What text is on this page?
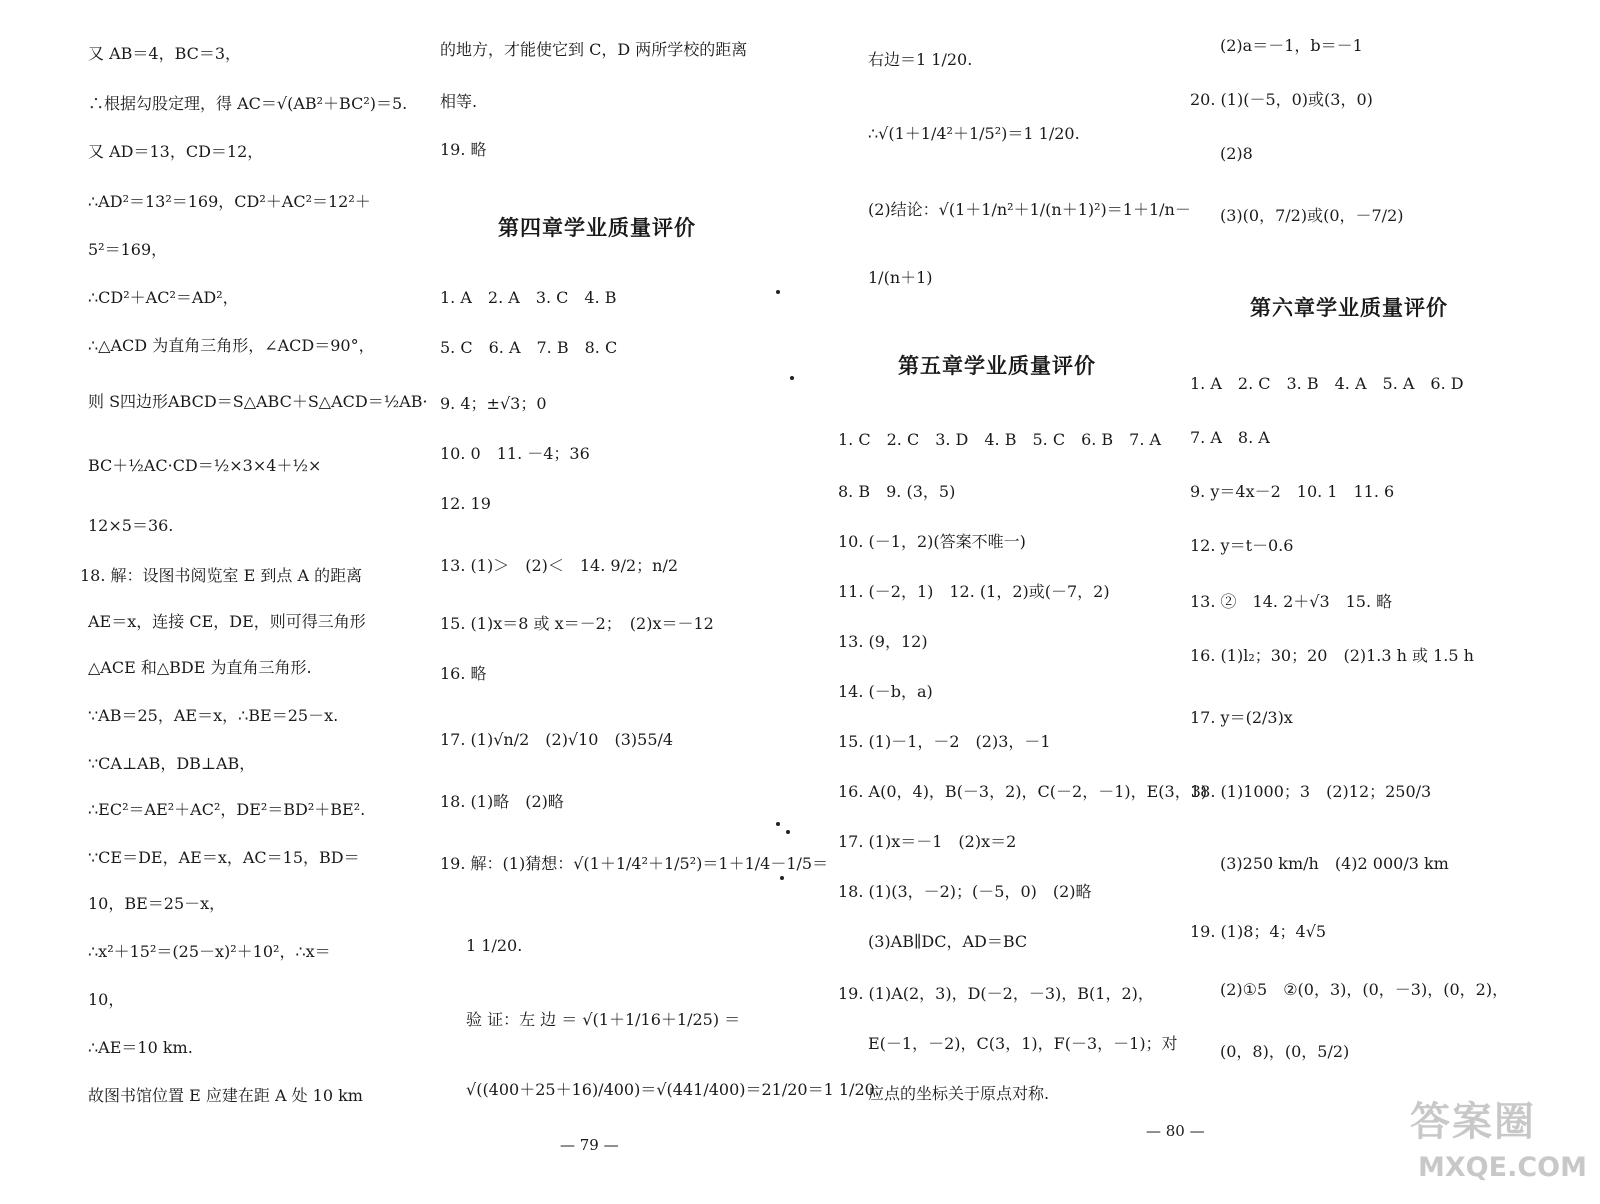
又 AB＝4，BC＝3，
∴根据勾股定理，得 AC＝√(AB²＋BC²)＝5.
又 AD＝13，CD＝12，
∴AD²＝13²＝169，CD²＋AC²＝12²＋
5²＝169，
∴CD²＋AC²＝AD²，
∴△ACD 为直角三角形，∠ACD＝90°，
则 S四边形ABCD＝S△ABC＋S△ACD＝½AB·
BC＋½AC·CD＝½×3×4＋½×
12×5＝36.
18. 解：设图书阅览室 E 到点 A 的距离
AE＝x，连接 CE，DE，则可得三角形
△ACE 和△BDE 为直角三角形.
∵AB＝25，AE＝x，∴BE＝25－x.
∵CA⊥AB，DB⊥AB，
∴EC²＝AE²＋AC²，DE²＝BD²＋BE².
∵CE＝DE，AE＝x，AC＝15，BD＝
10，BE＝25－x，
∴x²＋15²＝(25－x)²＋10²，∴x＝
10，
∴AE＝10 km.
故图书馆位置 E 应建在距 A 处 10 km
的地方，才能使它到 C，D 两所学校的距离
相等.
19. 略
第四章学业质量评价
1. A　2. A　3. C　4. B
5. C　6. A　7. B　8. C
9. 4；±√3；0
10. 0　11. －4；36
12. 19
13. (1)＞　(2)＜　14. 9/2；n/2
15. (1)x＝8 或 x＝－2；　(2)x＝－12
16. 略
17. (1)√n/2　(2)√10　(3)55/4
18. (1)略　(2)略
19. 解：(1)猜想：√(1＋1/4²＋1/5²)＝1＋1/4－1/5＝
1 1/20.
验 证：左 边 ＝ √(1＋1/16＋1/25) ＝
√((400＋25＋16)/400)＝√(441/400)＝21/20＝1 1/20.
— 79 —
右边＝1 1/20.
∴√(1＋1/4²＋1/5²)＝1 1/20.
(2)结论：√(1＋1/n²＋1/(n＋1)²)＝1＋1/n－
1/(n＋1)
第五章学业质量评价
1. C　2. C　3. D　4. B　5. C　6. B　7. A
8. B　9. (3，5)
10. (－1，2)(答案不唯一)
11. (－2，1)　12. (1，2)或(－7，2)
13. (9，12)
14. (－b，a)
15. (1)－1，－2　(2)3，－1
16. A(0，4)，B(－3，2)，C(－2，－1)，E(3，3)
17. (1)x＝－1　(2)x＝2
18. (1)(3，－2)；(－5，0)　(2)略
(3)AB∥DC，AD＝BC
19. (1)A(2，3)，D(－2，－3)，B(1，2)，
E(－1，－2)，C(3，1)，F(－3，－1)；对
应点的坐标关于原点对称.
— 80 —
(2)a＝－1，b＝－1
20. (1)(－5，0)或(3，0)
(2)8
(3)(0，7/2)或(0，－7/2)
第六章学业质量评价
1. A　2. C　3. B　4. A　5. A　6. D
7. A　8. A
9. y＝4x－2　10. 1　11. 6
12. y＝t－0.6
13. ②　14. 2＋√3　15. 略
16. (1)l₂；30；20　(2)1.3 h 或 1.5 h
17. y＝(2/3)x
18. (1)1000；3　(2)12；250/3
(3)250 km/h　(4)2 000/3 km
19. (1)8；4；4√5
(2)①5　②(0，3)，(0，－3)，(0，2)，
(0，8)，(0，5/2)
答案圈
MXQE.COM
